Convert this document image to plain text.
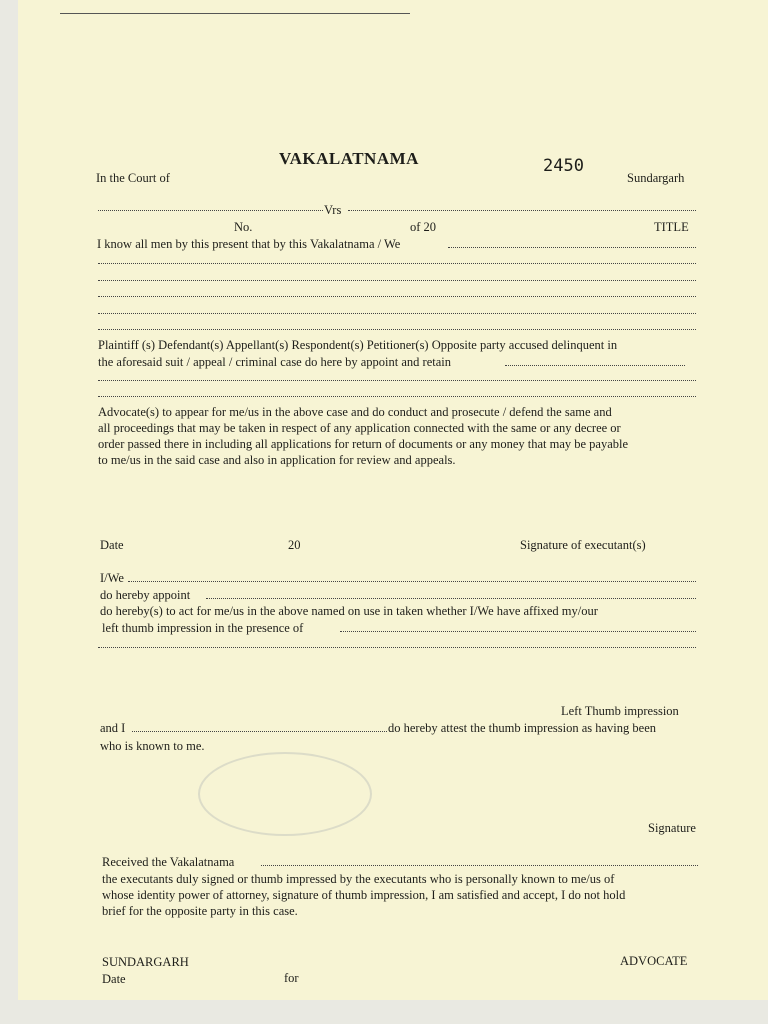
VAKALATNAMA	2450
In the Court of	Sundargarh
Vrs
No.	of 20	TITLE
I know all men by this present that by this Vakalatnama / We
Plaintiff (s) Defendant(s) Appellant(s) Respondent(s) Petitioner(s) Opposite party accused delinquent in
the aforesaid suit / appeal / criminal case do here by appoint and retain
Advocate(s) to appear for me/us in the above case and do conduct and prosecute / defend the same and
all proceedings that may be taken in respect of any application connected with the same or any decree or
order passed there in including all applications for return of documents or any money that may be payable
to me/us in the said case and also in application for review and appeals.
Date	20	Signature of executant(s)
I/We
do hereby appoint
do hereby(s) to act for me/us in the above named on use in taken whether I/We have affixed my/our
left thumb impression in the presence of
Left Thumb impression
and I	do hereby attest the thumb impression as having been
who is known to me.
Signature
Received the Vakalatnama
the executants duly signed or thumb impressed by the executants who is personally known to me/us of
whose identity power of attorney, signature of thumb impression, I am satisfied and accept, I do not hold
brief for the opposite party in this case.
SUNDARGARH	ADVOCATE
Date	for
